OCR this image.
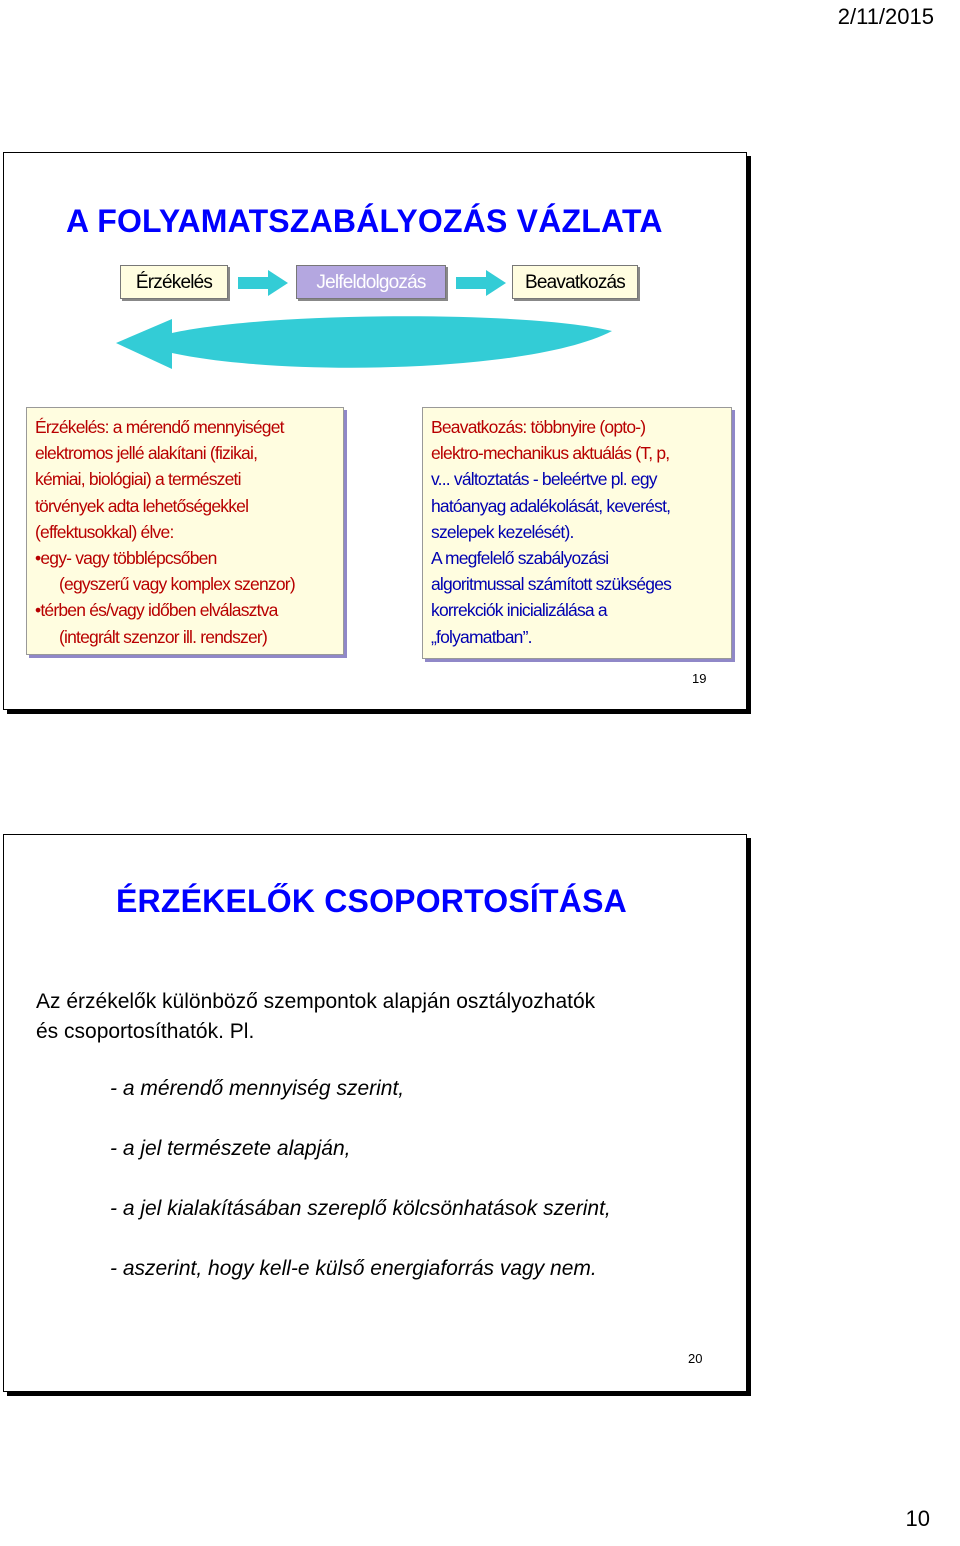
2/11/2015
A FOLYAMATSZABÁLYOZÁS VÁZLATA
Érzékelés	Jelfeldolgozás	Beavatkozás
Érzékelés: a mérendő mennyiséget
elektromos jellé alakítani (fizikai,
kémiai, biológiai) a természeti
törvények adta lehetőségekkel
(effektusokkal) élve:
•egy- vagy többlépcsőben
(egyszerű vagy komplex szenzor)
•térben és/vagy időben elválasztva
(integrált szenzor ill. rendszer)
Beavatkozás: többnyire (opto-)
elektro-mechanikus aktuálás (T, p,
v... változtatás - beleértve pl. egy
hatóanyag adalékolását, keverést,
szelepek kezelését).
A megfelelő szabályozási
algoritmussal számított szükséges
korrekciók inicializálása a
„folyamatban”.
19
ÉRZÉKELŐK CSOPORTOSÍTÁSA
Az érzékelők különböző szempontok alapján osztályozhatók
és csoportosíthatók. Pl.
- a mérendő mennyiség szerint,
- a jel természete alapján,
- a jel kialakításában szereplő kölcsönhatások szerint,
- aszerint, hogy kell-e külső energiaforrás vagy nem.
20
10
